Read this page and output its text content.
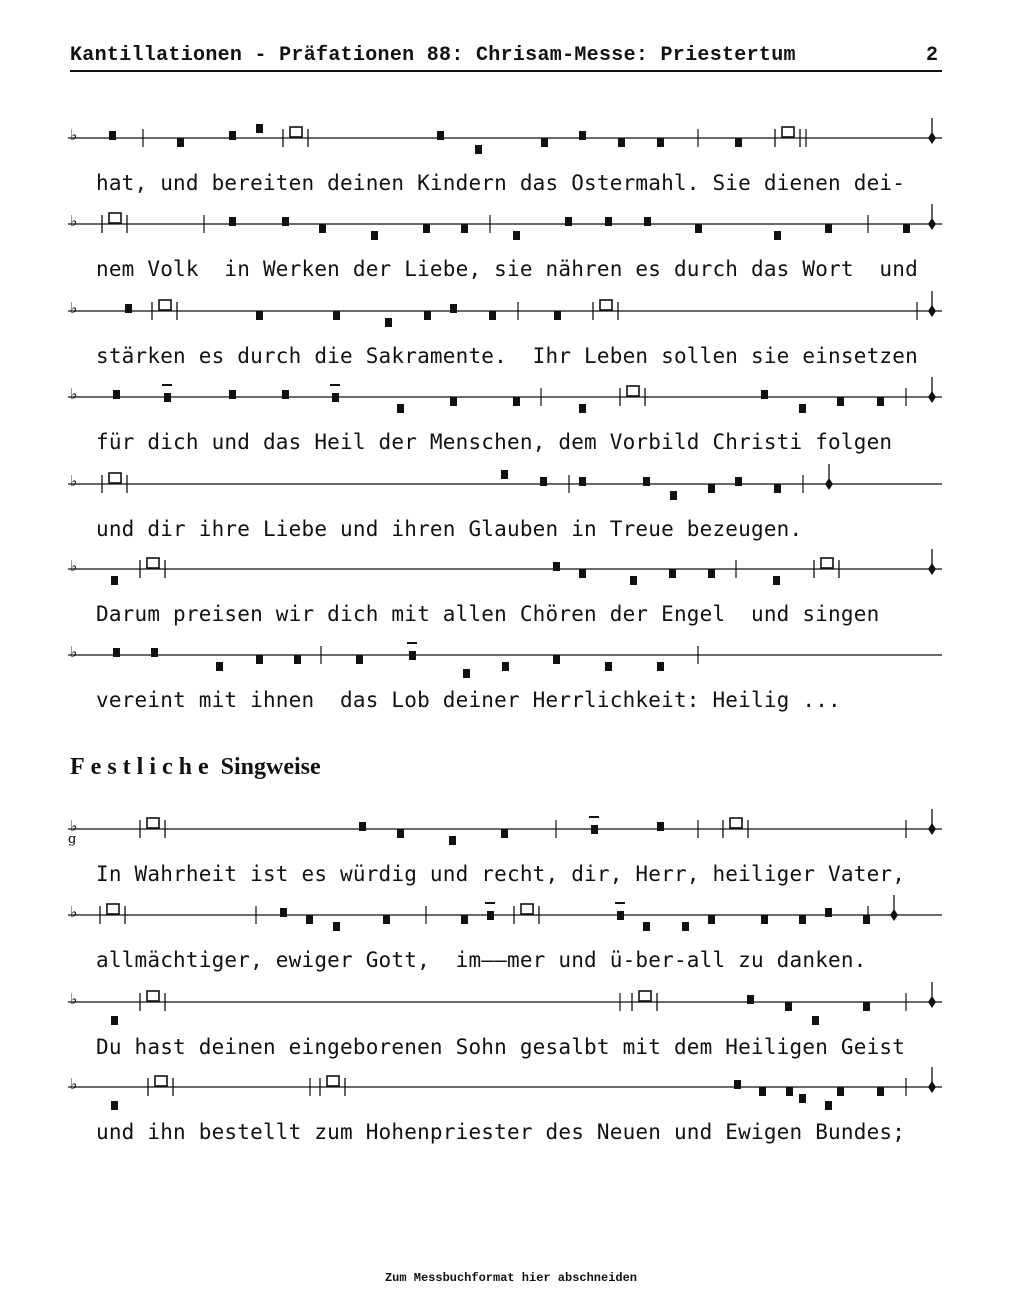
Kantillationen - Präfationen 88: Chrisam-Messe: Priestertum	2
♭
hat, und bereiten deinen Kindern das Ostermahl. Sie dienen dei-
♭
nem Volk  in Werken der Liebe, sie nähren es durch das Wort  und
♭
stärken es durch die Sakramente.  Ihr Leben sollen sie einsetzen
♭
für dich und das Heil der Menschen, dem Vorbild Christi folgen
♭
und dir ihre Liebe und ihren Glauben in Treue bezeugen.
♭
Darum preisen wir dich mit allen Chören der Engel  und singen
♭
vereint mit ihnen  das Lob deiner Herrlichkeit: Heilig ...
Festliche Singweise
♭
g
In Wahrheit ist es würdig und recht, dir, Herr, heiliger Vater,
♭
allmächtiger, ewiger Gott,  im——mer und ü-ber-all zu danken.
♭
Du hast deinen eingeborenen Sohn gesalbt mit dem Heiligen Geist
♭
und ihn bestellt zum Hohenpriester des Neuen und Ewigen Bundes;
Zum Messbuchformat hier abschneiden
